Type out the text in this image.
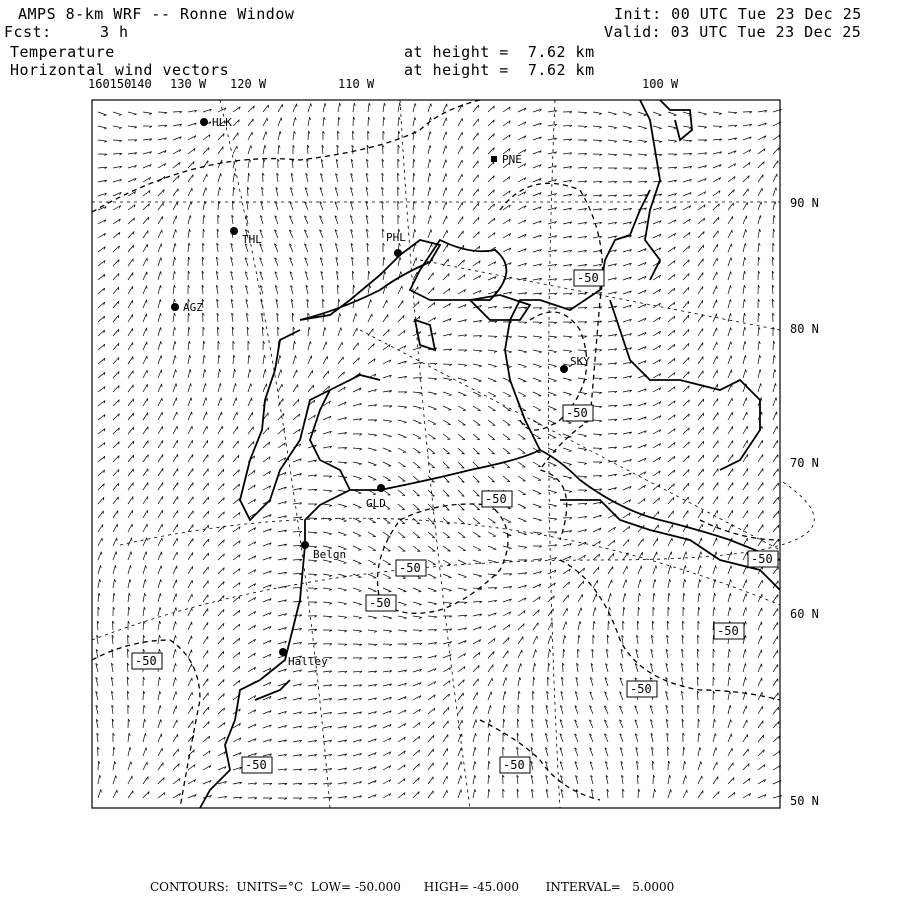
AMPS 8-km WRF -- Ronne Window	Init: 00 UTC Tue 23 Dec 25
Fcst:	3 h	Valid: 03 UTC Tue 23 Dec 25
Temperature	at height =  7.62 km
Horizontal wind vectors	at height =  7.62 km
160150
140 130 W 120 W	110 W	100 W
90 N
80 N
70 N
60 N
50 N
HLK
PNE
THL	PHL
AGZ
SKY
GLD
Belgn
Halley
-50
-50
-50
-50
-50
-50
-50
-50
-50
-50
-50
CONTOURS:  UNITS=°C  LOW= -50.000      HIGH= -45.000       INTERVAL=   5.0000
